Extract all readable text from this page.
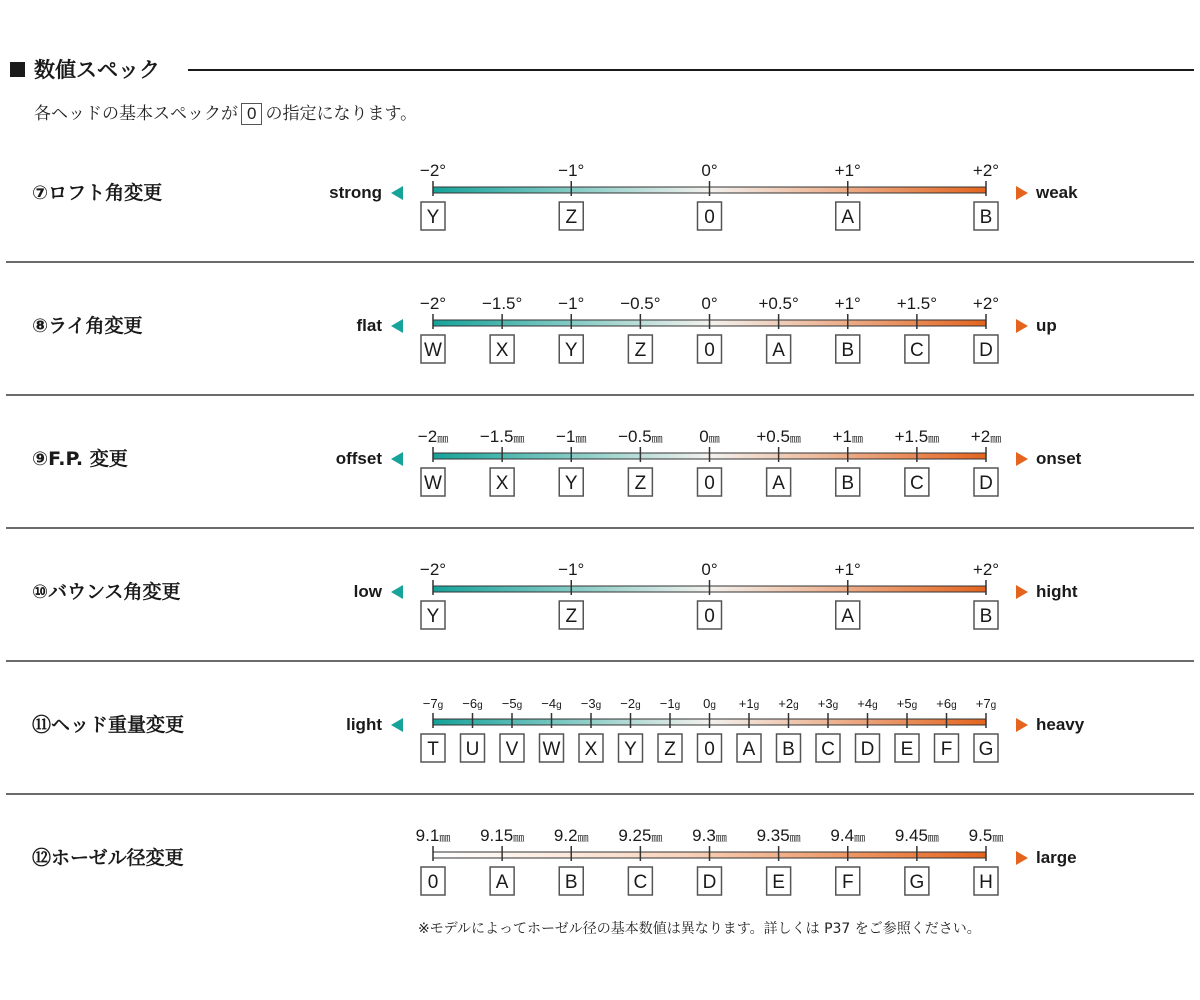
数値スペック
各ヘッドの基本スペックが 0 の指定になります。
⑦ロフト角変更	strong
−2°
Y
−1°
Z
0°
0
+1°
A
+2°
B
weak
⑧ライ角変更	flat
−2°
W
−1.5°
X
−1°
Y
−0.5°
Z
0°
0
+0.5°
A
+1°
B
+1.5°
C
+2°
D
up
⑨F.P. 変更	offset
−2㎜
W
−1.5㎜
X
−1㎜
Y
−0.5㎜
Z
0㎜
0
+0.5㎜
A
+1㎜
B
+1.5㎜
C
+2㎜
D
onset
⑩バウンス角変更	low
−2°
Y
−1°
Z
0°
0
+1°
A
+2°
B
hight
⑪ヘッド重量変更	light
−7g
T
−6g
U
−5g
V
−4g
W
−3g
X
−2g
Y
−1g
Z
0g
0
+1g
A
+2g
B
+3g
C
+4g
D
+5g
E
+6g
F
+7g
G
heavy
⑫ホーゼル径変更
9.1㎜
0
9.15㎜
A
9.2㎜
B
9.25㎜
C
9.3㎜
D
9.35㎜
E
9.4㎜
F
9.45㎜
G
9.5㎜
H
large
※モデルによってホーゼル径の基本数値は異なります。詳しくは P37 をご参照ください。
